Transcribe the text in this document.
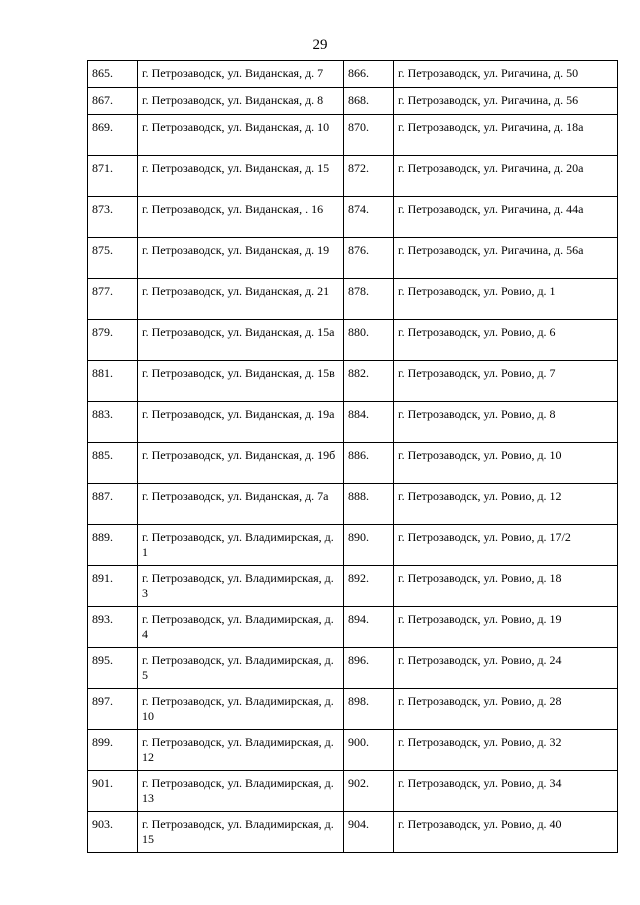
29
865.	г. Петрозаводск, ул. Виданская, д. 7	866.	г. Петрозаводск, ул. Ригачина, д. 50
867.	г. Петрозаводск, ул. Виданская, д. 8	868.	г. Петрозаводск, ул. Ригачина, д. 56
869.	г. Петрозаводск, ул. Виданская, д. 10	870.	г. Петрозаводск, ул. Ригачина, д. 18а
871.	г. Петрозаводск, ул. Виданская, д. 15	872.	г. Петрозаводск, ул. Ригачина, д. 20а
873.	г. Петрозаводск, ул. Виданская, . 16	874.	г. Петрозаводск, ул. Ригачина, д. 44а
875.	г. Петрозаводск, ул. Виданская, д. 19	876.	г. Петрозаводск, ул. Ригачина, д. 56а
877.	г. Петрозаводск, ул. Виданская, д. 21	878.	г. Петрозаводск, ул. Ровио, д. 1
879.	г. Петрозаводск, ул. Виданская, д. 15а	880.	г. Петрозаводск, ул. Ровио, д. 6
881.	г. Петрозаводск, ул. Виданская, д. 15в	882.	г. Петрозаводск, ул. Ровио, д. 7
883.	г. Петрозаводск, ул. Виданская, д. 19а	884.	г. Петрозаводск, ул. Ровио, д. 8
885.	г. Петрозаводск, ул. Виданская, д. 19б	886.	г. Петрозаводск, ул. Ровио, д. 10
887.	г. Петрозаводск, ул. Виданская, д. 7а	888.	г. Петрозаводск, ул. Ровио, д. 12
889.	г. Петрозаводск, ул. Владимирская, д. 1	890.	г. Петрозаводск, ул. Ровио, д. 17/2
891.	г. Петрозаводск, ул. Владимирская, д. 3	892.	г. Петрозаводск, ул. Ровио, д. 18
893.	г. Петрозаводск, ул. Владимирская, д. 4	894.	г. Петрозаводск, ул. Ровио, д. 19
895.	г. Петрозаводск, ул. Владимирская, д. 5	896.	г. Петрозаводск, ул. Ровио, д. 24
897.	г. Петрозаводск, ул. Владимирская, д. 10	898.	г. Петрозаводск, ул. Ровио, д. 28
899.	г. Петрозаводск, ул. Владимирская, д. 12	900.	г. Петрозаводск, ул. Ровио, д. 32
901.	г. Петрозаводск, ул. Владимирская, д. 13	902.	г. Петрозаводск, ул. Ровио, д. 34
903.	г. Петрозаводск, ул. Владимирская, д. 15	904.	г. Петрозаводск, ул. Ровио, д. 40
